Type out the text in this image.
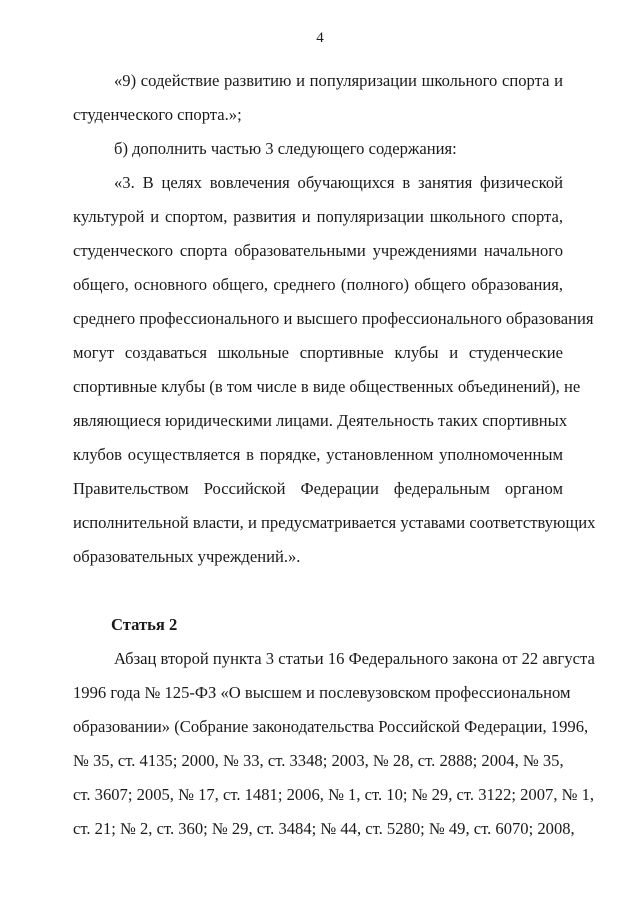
4
«9) содействие развитию и популяризации школьного спорта и
студенческого спорта.»;
б) дополнить частью 3 следующего содержания:
«3. В целях вовлечения обучающихся в занятия физической
культурой и спортом, развития и популяризации школьного спорта,
студенческого спорта образовательными учреждениями начального
общего, основного общего, среднего (полного) общего образования,
среднего профессионального и высшего профессионального образования
могут создаваться школьные спортивные клубы и студенческие
спортивные клубы (в том числе в виде общественных объединений), не
являющиеся юридическими лицами. Деятельность таких спортивных
клубов осуществляется в порядке, установленном уполномоченным
Правительством Российской Федерации федеральным органом
исполнительной власти, и предусматривается уставами соответствующих
образовательных учреждений.».
Статья 2
Абзац второй пункта 3 статьи 16 Федерального закона от 22 августа
1996 года № 125-ФЗ «О высшем и послевузовском профессиональном
образовании» (Собрание законодательства Российской Федерации, 1996,
№ 35, ст. 4135; 2000, № 33, ст. 3348; 2003, № 28, ст. 2888; 2004, № 35,
ст. 3607; 2005, № 17, ст. 1481; 2006, № 1, ст. 10; № 29, ст. 3122; 2007, № 1,
ст. 21; № 2, ст. 360; № 29, ст. 3484; № 44, ст. 5280; № 49, ст. 6070; 2008,
